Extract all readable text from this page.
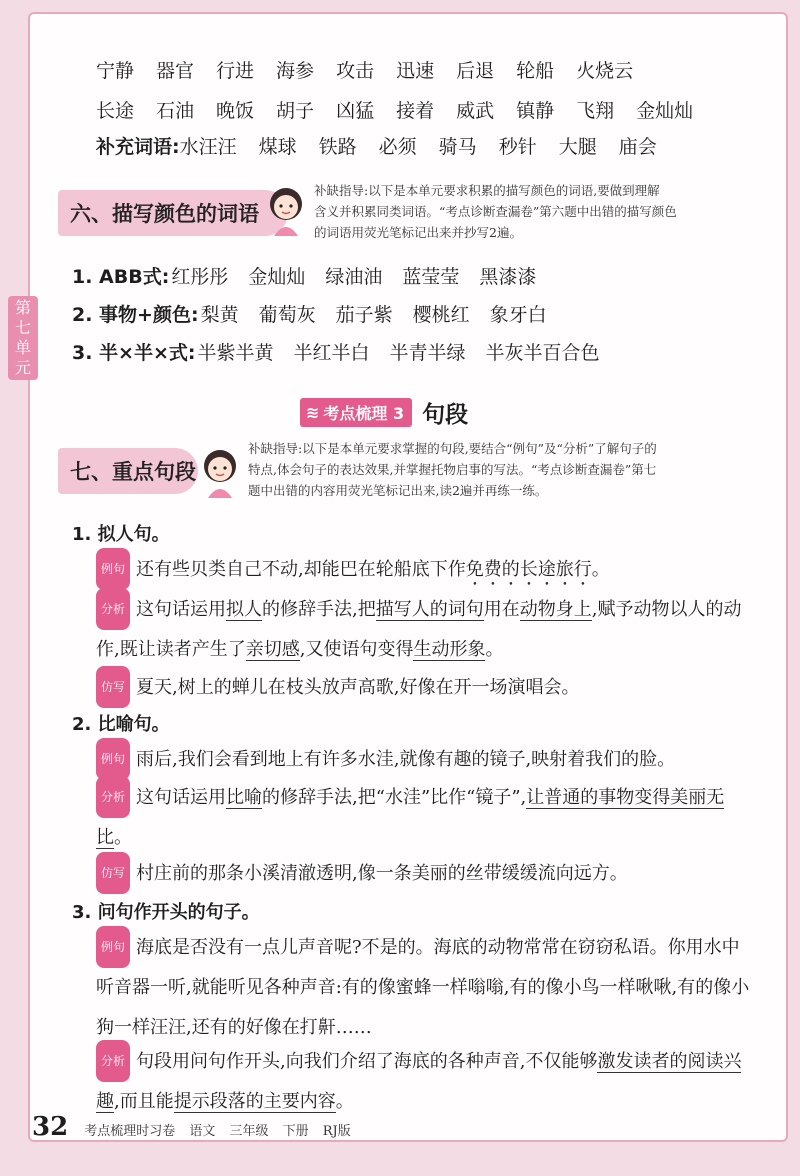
第
七
单
元
宁静 器官 行进 海参 攻击 迅速 后退 轮船 火烧云
长途 石油 晚饭 胡子 凶猛 接着 威武 镇静 飞翔 金灿灿
补充词语: 水汪汪 煤球 铁路 必须 骑马 秒针 大腿 庙会
六、描写颜色的词语
补缺指导:以下是本单元要求积累的描写颜色的词语,要做到理解
含义并积累同类词语。“考点诊断查漏卷”第六题中出错的描写颜色
的词语用荧光笔标记出来并抄写2遍。
1. ABB式: 红彤彤 金灿灿 绿油油 蓝莹莹 黑漆漆
2. 事物+颜色: 梨黄 葡萄灰 茄子紫 樱桃红 象牙白
3. 半×半×式: 半紫半黄 半红半白 半青半绿 半灰半百合色
≋ 考点梳理 3 句段
七、重点句段
补缺指导:以下是本单元要求掌握的句段,要结合“例句”及“分析”了解句子的
特点,体会句子的表达效果,并掌握托物启事的写法。“考点诊断查漏卷”第七
题中出错的内容用荧光笔标记出来,读2遍并再练一练。
1. 拟人句。
例句 还有些贝类自己不动,却能巴在轮船底下作免费的长途旅行。
分析 这句话运用拟人的修辞手法,把描写人的词句用在动物身上,赋予动物以人的动作,既让读者产生了亲切感,又使语句变得生动形象。
仿写 夏天,树上的蝉儿在枝头放声高歌,好像在开一场演唱会。
2. 比喻句。
例句 雨后,我们会看到地上有许多水洼,就像有趣的镜子,映射着我们的脸。
分析 这句话运用比喻的修辞手法,把“水洼”比作“镜子”,让普通的事物变得美丽无比。
仿写 村庄前的那条小溪清澈透明,像一条美丽的丝带缓缓流向远方。
3. 问句作开头的句子。
例句 海底是否没有一点儿声音呢?不是的。海底的动物常常在窃窃私语。你用水中听音器一听,就能听见各种声音:有的像蜜蜂一样嗡嗡,有的像小鸟一样啾啾,有的像小狗一样汪汪,还有的好像在打鼾……
分析 句段用问句作开头,向我们介绍了海底的各种声音,不仅能够激发读者的阅读兴趣,而且能提示段落的主要内容。
32 考点梳理时习卷 语文 三年级 下册 RJ版
